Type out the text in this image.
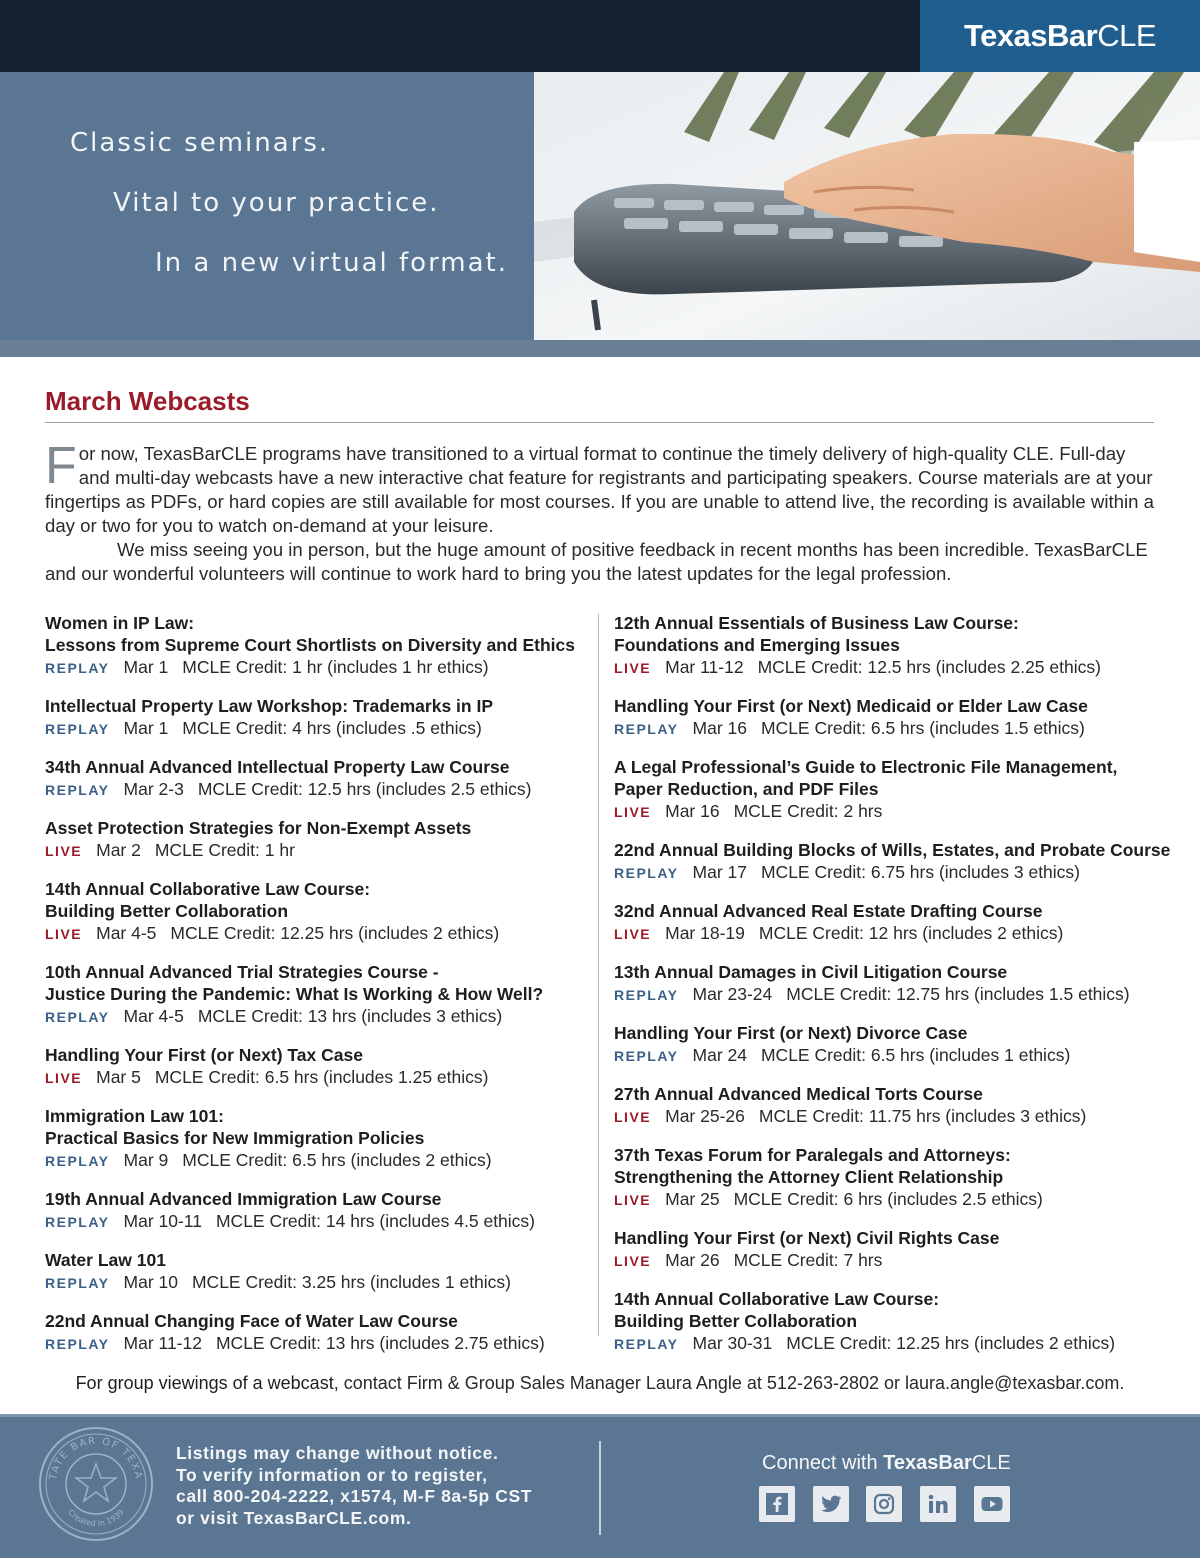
TexasBarCLE
Classic seminars.
Vital to your practice.
In a new virtual format.
March Webcasts

For now, TexasBarCLE programs have transitioned to a virtual format to continue the timely delivery of high-quality CLE. Full-day and multi-day webcasts have a new interactive chat feature for registrants and participating speakers. Course materials are at your fingertips as PDFs, or hard copies are still available for most courses. If you are unable to attend live, the recording is available within a day or two for you to watch on-demand at your leisure.

We miss seeing you in person, but the huge amount of positive feedback in recent months has been incredible. TexasBarCLE and our wonderful volunteers will continue to work hard to bring you the latest updates for the legal profession.

Women in IP Law:
Lessons from Supreme Court Shortlists on Diversity and Ethics
REPLAY Mar 1 MCLE Credit: 1 hr (includes 1 hr ethics)
Intellectual Property Law Workshop: Trademarks in IP
REPLAY Mar 1 MCLE Credit: 4 hrs (includes .5 ethics)
34th Annual Advanced Intellectual Property Law Course
REPLAY Mar 2-3 MCLE Credit: 12.5 hrs (includes 2.5 ethics)
Asset Protection Strategies for Non-Exempt Assets
LIVE Mar 2 MCLE Credit: 1 hr
14th Annual Collaborative Law Course:
Building Better Collaboration
LIVE Mar 4-5 MCLE Credit: 12.25 hrs (includes 2 ethics)
10th Annual Advanced Trial Strategies Course -
Justice During the Pandemic: What Is Working & How Well?
REPLAY Mar 4-5 MCLE Credit: 13 hrs (includes 3 ethics)
Handling Your First (or Next) Tax Case
LIVE Mar 5 MCLE Credit: 6.5 hrs (includes 1.25 ethics)
Immigration Law 101:
Practical Basics for New Immigration Policies
REPLAY Mar 9 MCLE Credit: 6.5 hrs (includes 2 ethics)
19th Annual Advanced Immigration Law Course
REPLAY Mar 10-11 MCLE Credit: 14 hrs (includes 4.5 ethics)
Water Law 101
REPLAY Mar 10 MCLE Credit: 3.25 hrs (includes 1 ethics)
22nd Annual Changing Face of Water Law Course
REPLAY Mar 11-12 MCLE Credit: 13 hrs (includes 2.75 ethics)
12th Annual Essentials of Business Law Course:
Foundations and Emerging Issues
LIVE Mar 11-12 MCLE Credit: 12.5 hrs (includes 2.25 ethics)
Handling Your First (or Next) Medicaid or Elder Law Case
REPLAY Mar 16 MCLE Credit: 6.5 hrs (includes 1.5 ethics)
A Legal Professional’s Guide to Electronic File Management,
Paper Reduction, and PDF Files
LIVE Mar 16 MCLE Credit: 2 hrs
22nd Annual Building Blocks of Wills, Estates, and Probate Course
REPLAY Mar 17 MCLE Credit: 6.75 hrs (includes 3 ethics)
32nd Annual Advanced Real Estate Drafting Course
LIVE Mar 18-19 MCLE Credit: 12 hrs (includes 2 ethics)
13th Annual Damages in Civil Litigation Course
REPLAY Mar 23-24 MCLE Credit: 12.75 hrs (includes 1.5 ethics)
Handling Your First (or Next) Divorce Case
REPLAY Mar 24 MCLE Credit: 6.5 hrs (includes 1 ethics)
27th Annual Advanced Medical Torts Course
LIVE Mar 25-26 MCLE Credit: 11.75 hrs (includes 3 ethics)
37th Texas Forum for Paralegals and Attorneys:
Strengthening the Attorney Client Relationship
LIVE Mar 25 MCLE Credit: 6 hrs (includes 2.5 ethics)
Handling Your First (or Next) Civil Rights Case
LIVE Mar 26 MCLE Credit: 7 hrs
14th Annual Collaborative Law Course:
Building Better Collaboration
REPLAY Mar 30-31 MCLE Credit: 12.25 hrs (includes 2 ethics)
For group viewings of a webcast, contact Firm & Group Sales Manager Laura Angle at 512-263-2802 or laura.angle@texasbar.com.
TATE BAR OF TEXA
Created in 1939
Listings may change without notice.
To verify information or to register,
call 800-204-2222, x1574, M-F 8a-5p CST
or visit TexasBarCLE.com.
Connect with TexasBarCLE
